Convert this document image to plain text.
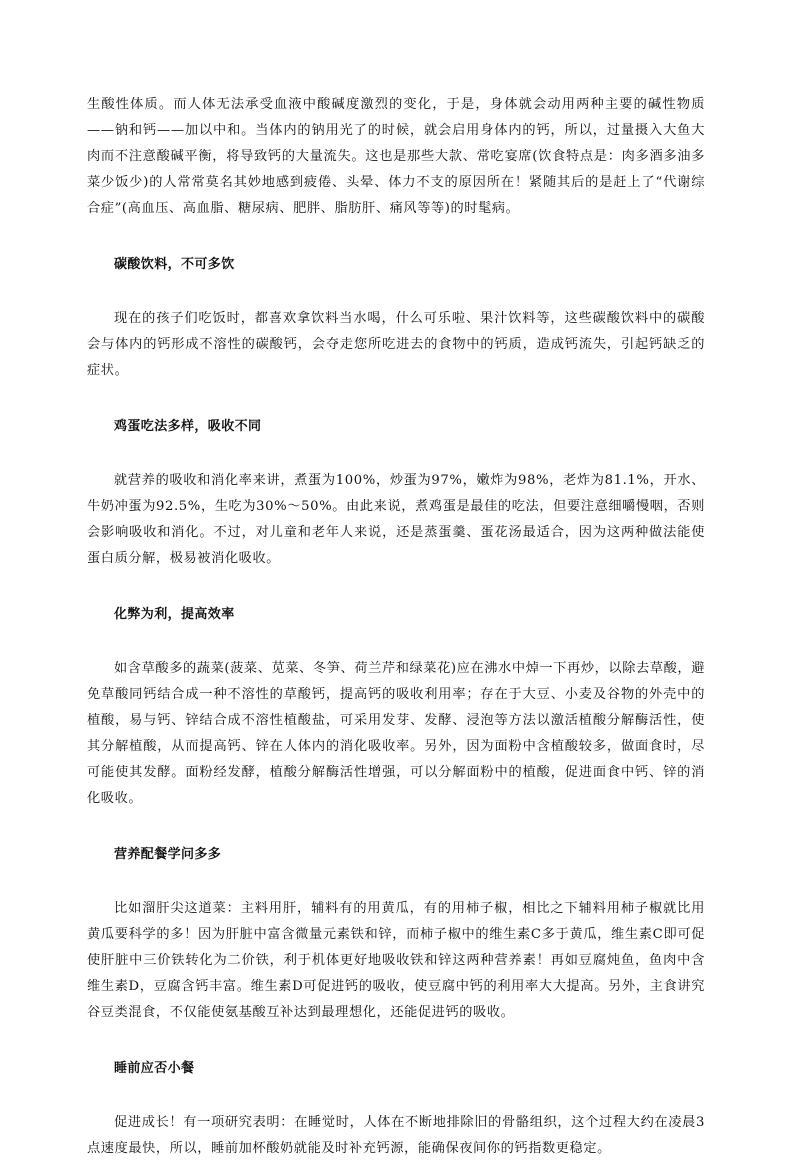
生酸性体质。而人体无法承受血液中酸碱度激烈的变化，于是，身体就会动用两种主要的碱性物质——钠和钙——加以中和。当体内的钠用光了的时候，就会启用身体内的钙，所以，过量摄入大鱼大肉而不注意酸碱平衡，将导致钙的大量流失。这也是那些大款、常吃宴席(饮食特点是：肉多酒多油多菜少饭少)的人常常莫名其妙地感到疲倦、头晕、体力不支的原因所在！紧随其后的是赶上了“代谢综合症”(高血压、高血脂、糖尿病、肥胖、脂肪肝、痛风等等)的时髦病。

碳酸饮料，不可多饮

现在的孩子们吃饭时，都喜欢拿饮料当水喝，什么可乐啦、果汁饮料等，这些碳酸饮料中的碳酸会与体内的钙形成不溶性的碳酸钙，会夺走您所吃进去的食物中的钙质，造成钙流失，引起钙缺乏的症状。

鸡蛋吃法多样，吸收不同

就营养的吸收和消化率来讲，煮蛋为100%，炒蛋为97%，嫩炸为98%，老炸为81.1%，开水、牛奶冲蛋为92.5%，生吃为30%～50%。由此来说，煮鸡蛋是最佳的吃法，但要注意细嚼慢咽，否则会影响吸收和消化。不过，对儿童和老年人来说，还是蒸蛋羹、蛋花汤最适合，因为这两种做法能使蛋白质分解，极易被消化吸收。

化弊为利，提高效率

如含草酸多的蔬菜(菠菜、苋菜、冬笋、荷兰芹和绿菜花)应在沸水中焯一下再炒，以除去草酸，避免草酸同钙结合成一种不溶性的草酸钙，提高钙的吸收利用率；存在于大豆、小麦及谷物的外壳中的植酸，易与钙、锌结合成不溶性植酸盐，可采用发芽、发酵、浸泡等方法以激活植酸分解酶活性，使其分解植酸，从而提高钙、锌在人体内的消化吸收率。另外，因为面粉中含植酸较多，做面食时，尽可能使其发酵。面粉经发酵，植酸分解酶活性增强，可以分解面粉中的植酸，促进面食中钙、锌的消化吸收。

营养配餐学问多多

比如溜肝尖这道菜：主料用肝，辅料有的用黄瓜，有的用柿子椒，相比之下辅料用柿子椒就比用黄瓜要科学的多！因为肝脏中富含微量元素铁和锌，而柿子椒中的维生素C多于黄瓜，维生素C即可促使肝脏中三价铁转化为二价铁，利于机体更好地吸收铁和锌这两种营养素！再如豆腐炖鱼，鱼肉中含维生素D，豆腐含钙丰富。维生素D可促进钙的吸收，使豆腐中钙的利用率大大提高。另外，主食讲究谷豆类混食，不仅能使氨基酸互补达到最理想化，还能促进钙的吸收。

睡前应否小餐

促进成长！有一项研究表明：在睡觉时，人体在不断地排除旧的骨骼组织，这个过程大约在凌晨3点速度最快，所以，睡前加杯酸奶就能及时补充钙源，能确保夜间你的钙指数更稳定。
